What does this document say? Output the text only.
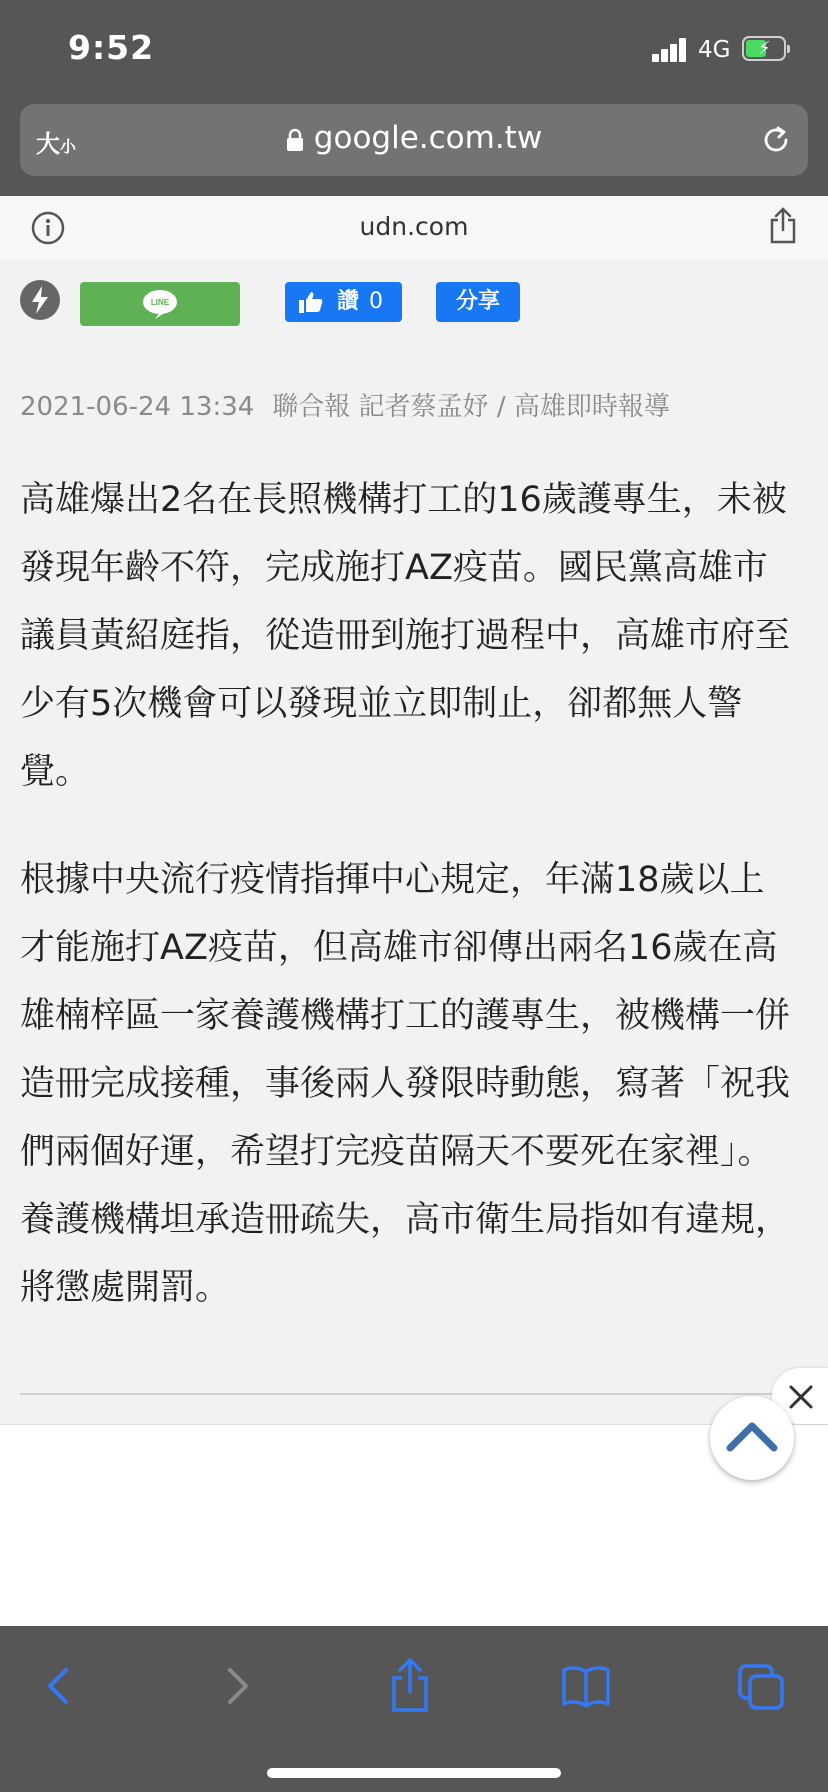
9:52	4G ⚡
大小	google.com.tw
udn.com
LINE	讚 0	分享
2021-06-24 13:34 聯合報 記者蔡孟妤 / 高雄即時報導

高雄爆出2名在長照機構打工的16歲護專生，未被發現年齡不符，完成施打AZ疫苗。國民黨高雄市議員黃紹庭指，從造冊到施打過程中，高雄市府至少有5次機會可以發現並立即制止，卻都無人警覺。

根據中央流行疫情指揮中心規定，年滿18歲以上才能施打AZ疫苗，但高雄市卻傳出兩名16歲在高雄楠梓區一家養護機構打工的護專生，被機構一併造冊完成接種，事後兩人發限時動態，寫著「祝我們兩個好運，希望打完疫苗隔天不要死在家裡」。養護機構坦承造冊疏失，高市衛生局指如有違規，將懲處開罰。
